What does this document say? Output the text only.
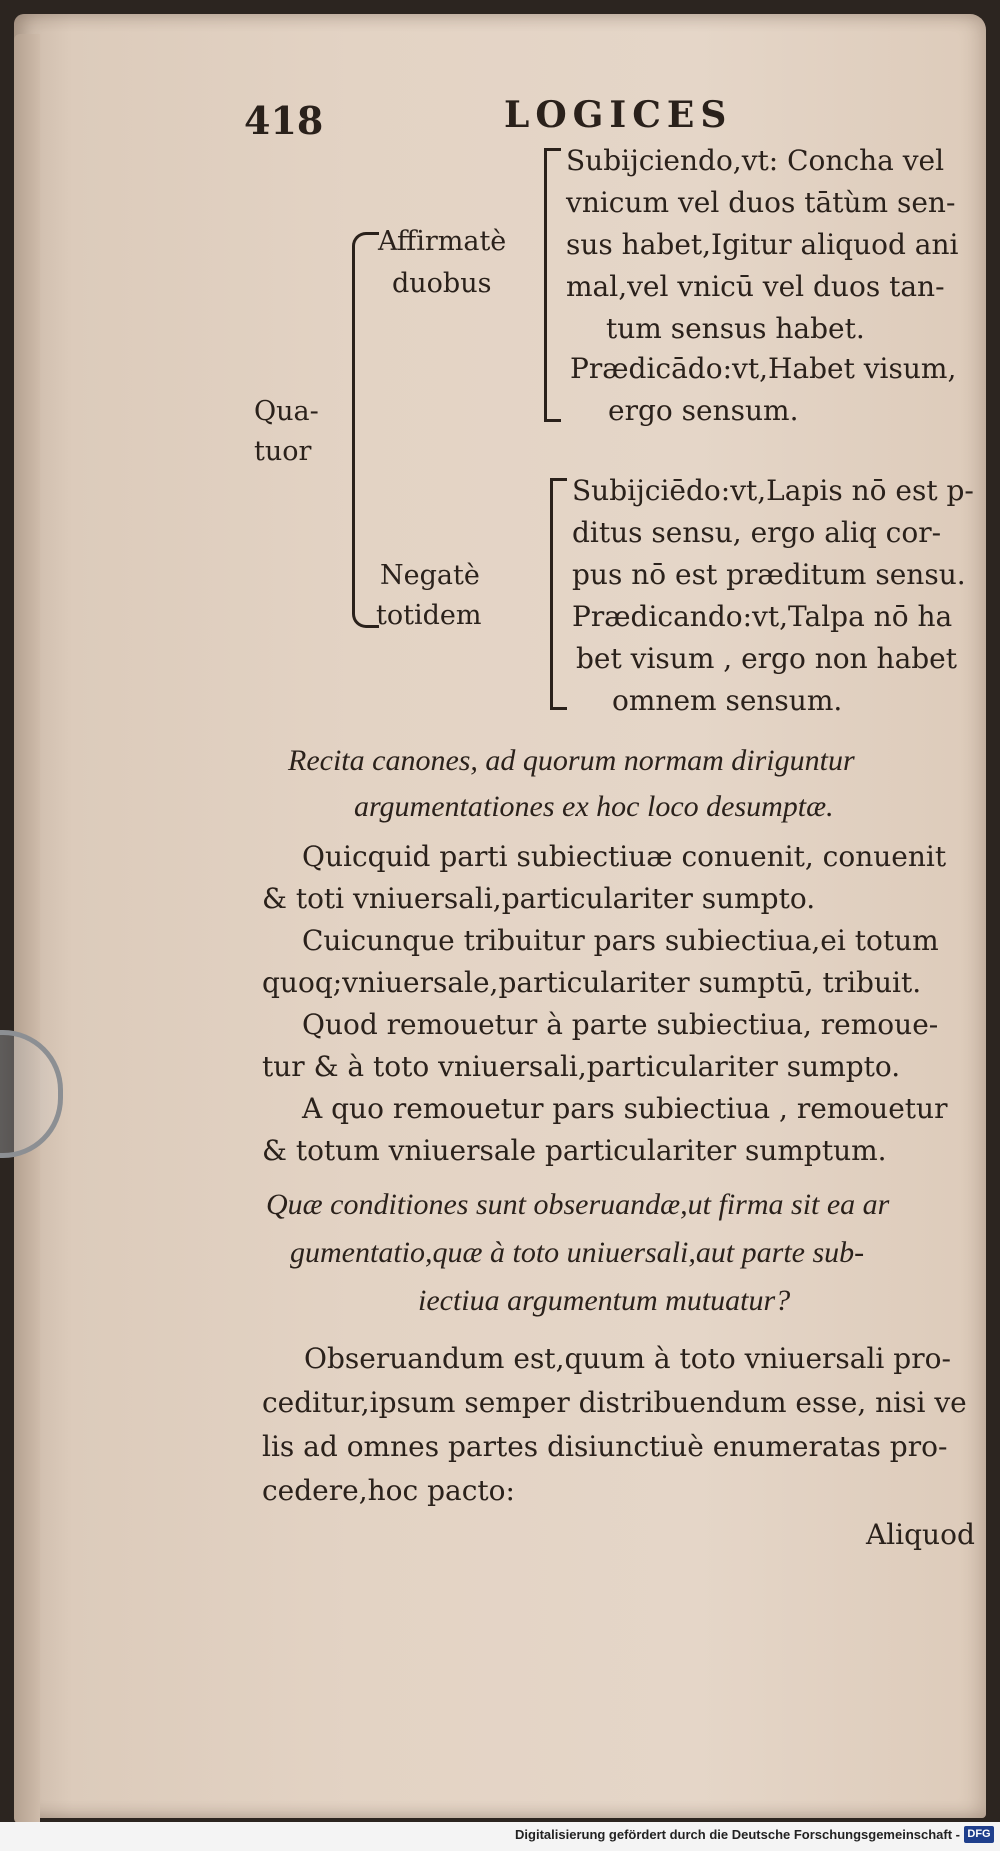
418	LOGICES
Qua-
tuor
Affirmatè
duobus
Subijciendo,vt: Concha vel
vnicum vel duos tātùm sen-
sus habet,Igitur aliquod ani
mal,vel vnicū vel duos tan-
tum sensus habet.
Prædicādo:vt,Habet visum,
ergo sensum.
Negatè
totidem
Subijciēdo:vt,Lapis nō est p-
ditus sensu, ergo aliq cor-
pus nō est præditum sensu.
Prædicando:vt,Talpa nō ha
bet visum , ergo non habet
omnem sensum.
Recita canones, ad quorum normam diriguntur
argumentationes ex hoc loco desumptæ.
Quicquid parti subiectiuæ conuenit, conuenit
& toti vniuersali,particulariter sumpto.
Cuicunque tribuitur pars subiectiua,ei totum
quoq;vniuersale,particulariter sumptū, tribuit.
Quod remouetur à parte subiectiua, remoue-
tur & à toto vniuersali,particulariter sumpto.
A quo remouetur pars subiectiua , remouetur
& totum vniuersale particulariter sumptum.
Quæ conditiones sunt obseruandæ,ut firma sit ea ar
gumentatio,quæ à toto uniuersali,aut parte sub-
iectiua argumentum mutuatur?
Obseruandum est,quum à toto vniuersali pro-
ceditur,ipsum semper distribuendum esse, nisi ve
lis ad omnes partes disiunctiuè enumeratas pro-
cedere,hoc pacto:
Aliquod
Digitalisierung gefördert durch die Deutsche Forschungsgemeinschaft - DFG
